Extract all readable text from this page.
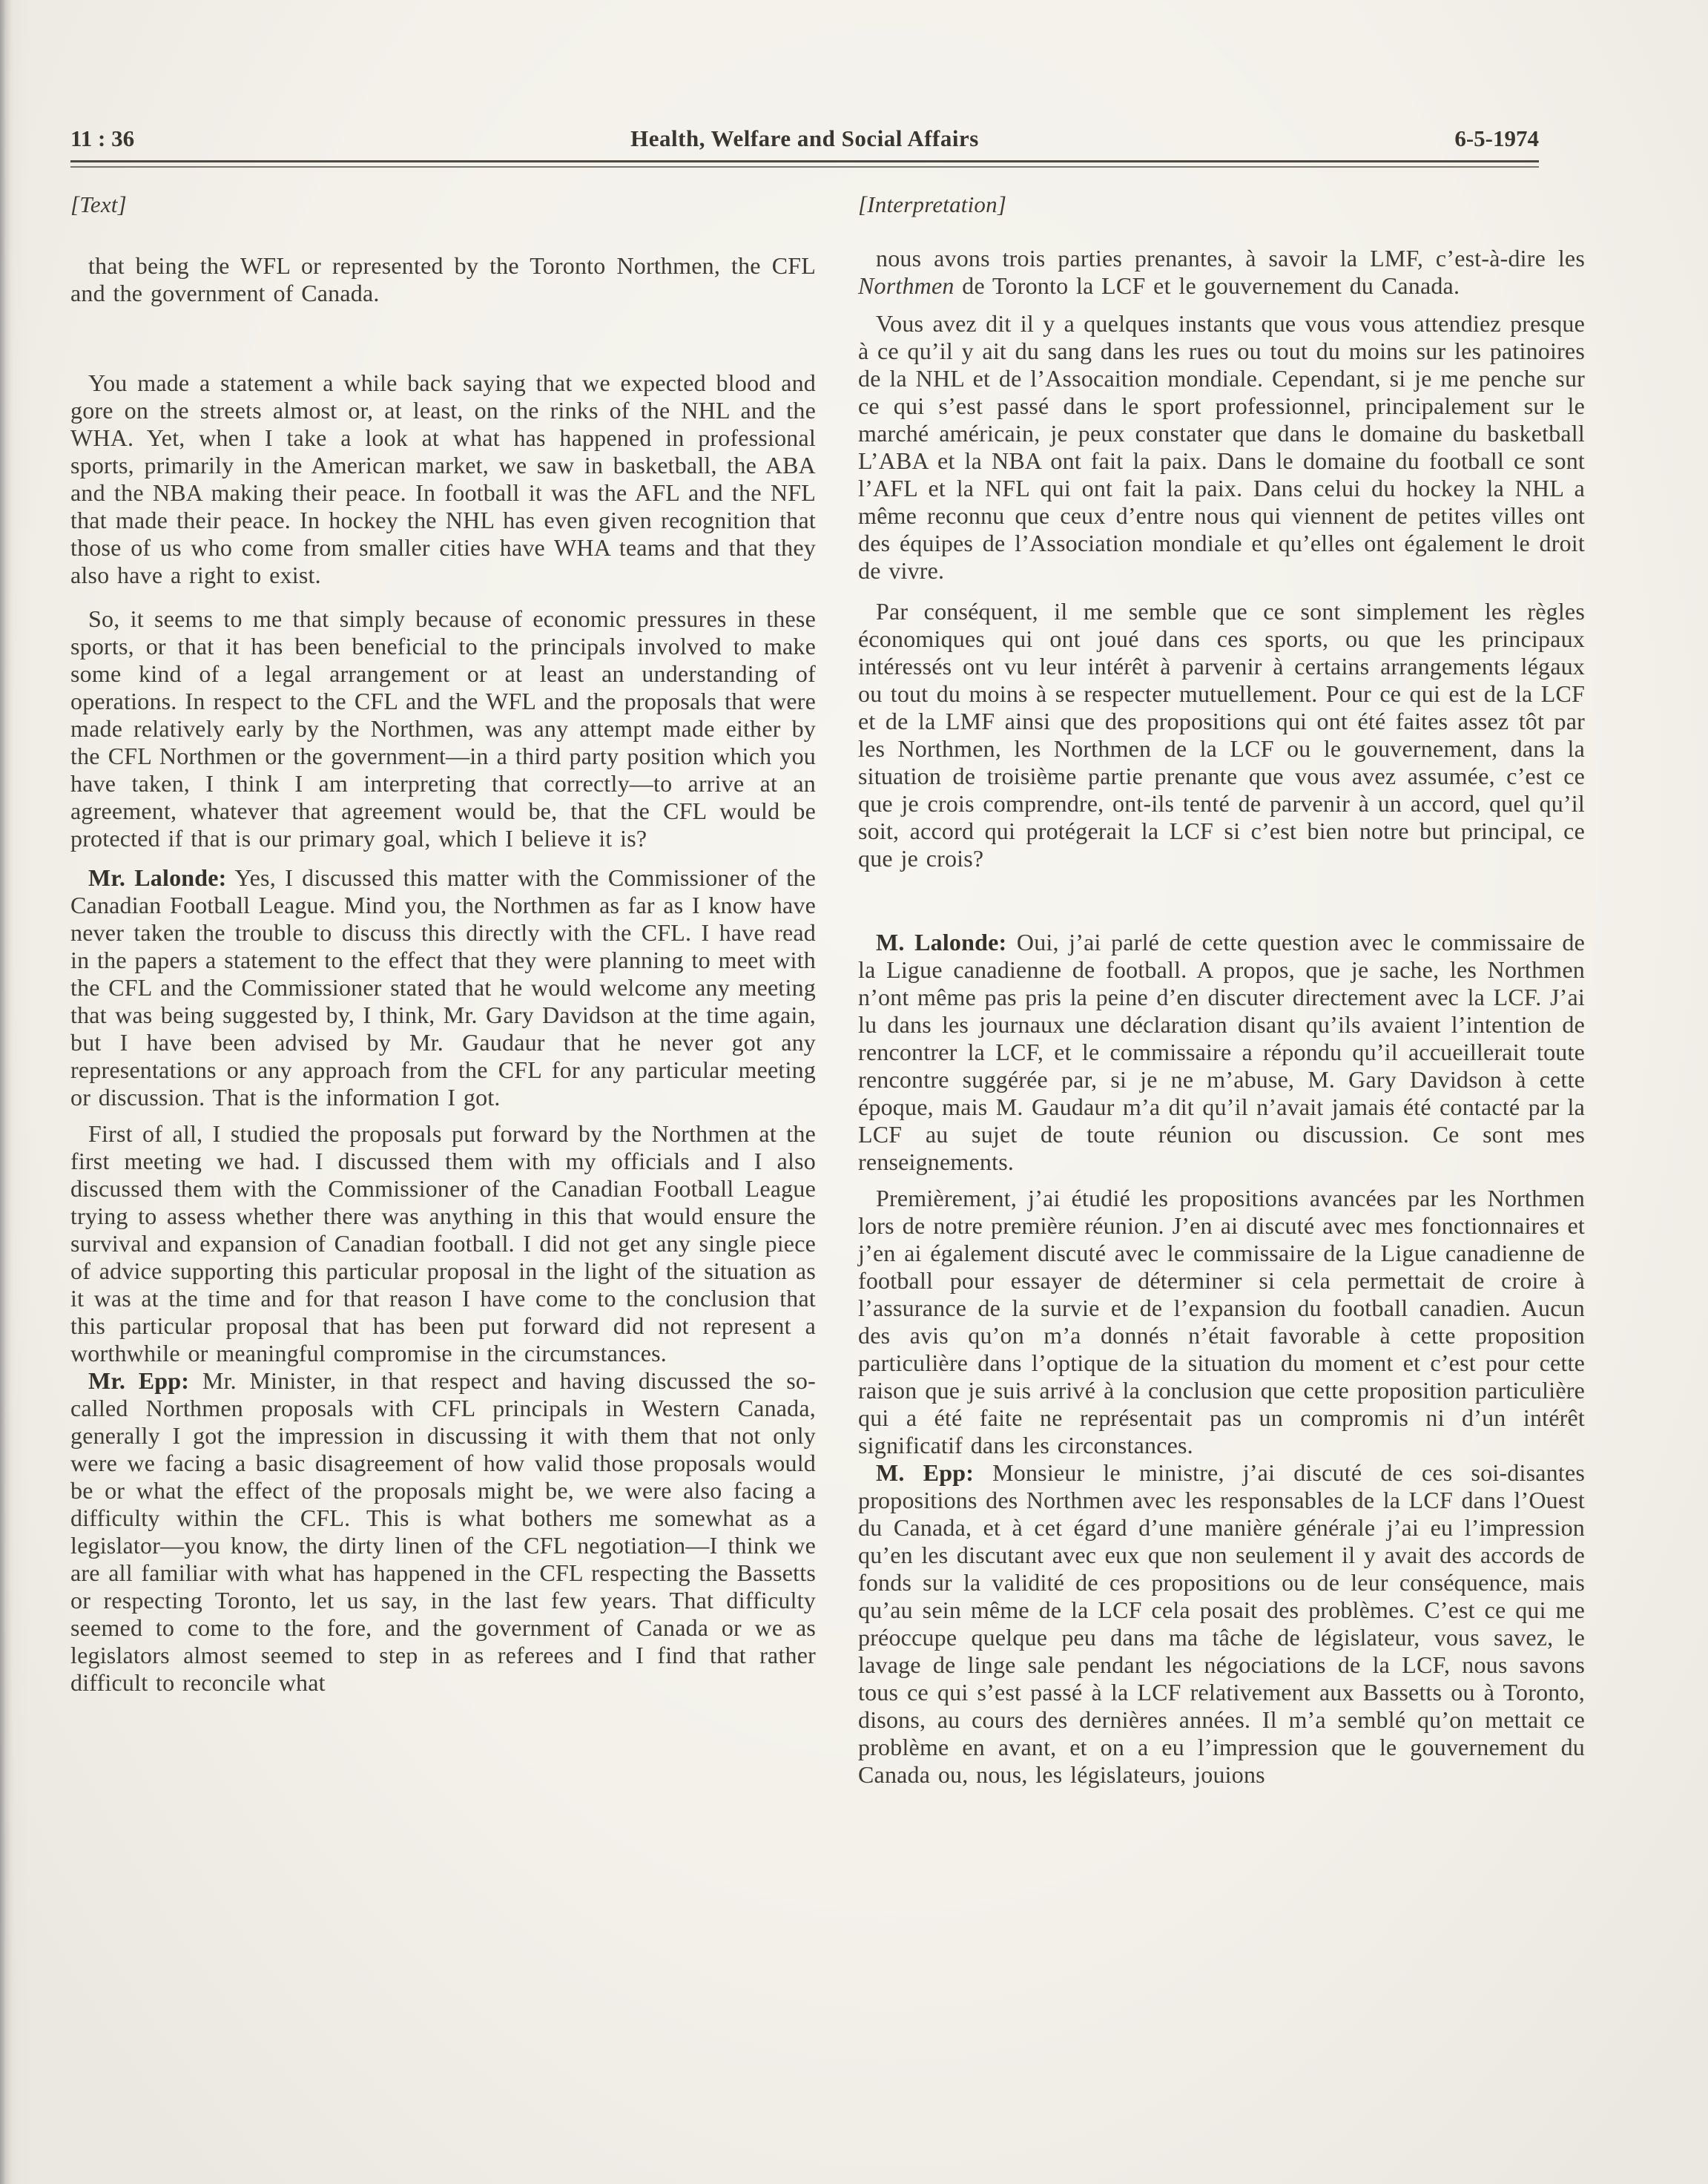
11 : 36	Health, Welfare and Social Affairs	6-5-1974

[Text]

that being the WFL or represented by the Toronto Northmen, the CFL and the government of Canada.

You made a statement a while back saying that we expected blood and gore on the streets almost or, at least, on the rinks of the NHL and the WHA. Yet, when I take a look at what has happened in professional sports, primarily in the American market, we saw in basketball, the ABA and the NBA making their peace. In football it was the AFL and the NFL that made their peace. In hockey the NHL has even given recognition that those of us who come from smaller cities have WHA teams and that they also have a right to exist.

So, it seems to me that simply because of economic pressures in these sports, or that it has been beneficial to the principals involved to make some kind of a legal arrangement or at least an understanding of operations. In respect to the CFL and the WFL and the proposals that were made relatively early by the Northmen, was any attempt made either by the CFL Northmen or the government—in a third party position which you have taken, I think I am interpreting that correctly—to arrive at an agreement, whatever that agreement would be, that the CFL would be protected if that is our primary goal, which I believe it is?

Mr. Lalonde: Yes, I discussed this matter with the Commissioner of the Canadian Football League. Mind you, the Northmen as far as I know have never taken the trouble to discuss this directly with the CFL. I have read in the papers a statement to the effect that they were planning to meet with the CFL and the Commissioner stated that he would welcome any meeting that was being suggested by, I think, Mr. Gary Davidson at the time again, but I have been advised by Mr. Gaudaur that he never got any representations or any approach from the CFL for any particular meeting or discussion. That is the information I got.

First of all, I studied the proposals put forward by the Northmen at the first meeting we had. I discussed them with my officials and I also discussed them with the Commissioner of the Canadian Football League trying to assess whether there was anything in this that would ensure the survival and expansion of Canadian football. I did not get any single piece of advice supporting this particular proposal in the light of the situation as it was at the time and for that reason I have come to the conclusion that this particular proposal that has been put forward did not represent a worthwhile or meaningful compromise in the circumstances.

Mr. Epp: Mr. Minister, in that respect and having discussed the so-called Northmen proposals with CFL principals in Western Canada, generally I got the impression in discussing it with them that not only were we facing a basic disagreement of how valid those proposals would be or what the effect of the proposals might be, we were also facing a difficulty within the CFL. This is what bothers me somewhat as a legislator—you know, the dirty linen of the CFL negotiation—I think we are all familiar with what has happened in the CFL respecting the Bassetts or respecting Toronto, let us say, in the last few years. That difficulty seemed to come to the fore, and the government of Canada or we as legislators almost seemed to step in as referees and I find that rather difficult to reconcile what

[Interpretation]

nous avons trois parties prenantes, à savoir la LMF, c’est-à-dire les Northmen de Toronto la LCF et le gouvernement du Canada.

Vous avez dit il y a quelques instants que vous vous attendiez presque à ce qu’il y ait du sang dans les rues ou tout du moins sur les patinoires de la NHL et de l’Assocaition mondiale. Cependant, si je me penche sur ce qui s’est passé dans le sport professionnel, principalement sur le marché américain, je peux constater que dans le domaine du basketball L’ABA et la NBA ont fait la paix. Dans le domaine du football ce sont l’AFL et la NFL qui ont fait la paix. Dans celui du hockey la NHL a même reconnu que ceux d’entre nous qui viennent de petites villes ont des équipes de l’Association mondiale et qu’elles ont également le droit de vivre.

Par conséquent, il me semble que ce sont simplement les règles économiques qui ont joué dans ces sports, ou que les principaux intéressés ont vu leur intérêt à parvenir à certains arrangements légaux ou tout du moins à se respecter mutuellement. Pour ce qui est de la LCF et de la LMF ainsi que des propositions qui ont été faites assez tôt par les Northmen, les Northmen de la LCF ou le gouvernement, dans la situation de troisième partie prenante que vous avez assumée, c’est ce que je crois comprendre, ont-ils tenté de parvenir à un accord, quel qu’il soit, accord qui protégerait la LCF si c’est bien notre but principal, ce que je crois?

M. Lalonde: Oui, j’ai parlé de cette question avec le commissaire de la Ligue canadienne de football. A propos, que je sache, les Northmen n’ont même pas pris la peine d’en discuter directement avec la LCF. J’ai lu dans les journaux une déclaration disant qu’ils avaient l’intention de rencontrer la LCF, et le commissaire a répondu qu’il accueillerait toute rencontre suggérée par, si je ne m’abuse, M. Gary Davidson à cette époque, mais M. Gaudaur m’a dit qu’il n’avait jamais été contacté par la LCF au sujet de toute réunion ou discussion. Ce sont mes renseignements.

Premièrement, j’ai étudié les propositions avancées par les Northmen lors de notre première réunion. J’en ai discuté avec mes fonctionnaires et j’en ai également discuté avec le commissaire de la Ligue canadienne de football pour essayer de déterminer si cela permettait de croire à l’assurance de la survie et de l’expansion du football canadien. Aucun des avis qu’on m’a donnés n’était favorable à cette proposition particulière dans l’optique de la situation du moment et c’est pour cette raison que je suis arrivé à la conclusion que cette proposition particulière qui a été faite ne représentait pas un compromis ni d’un intérêt significatif dans les circonstances.

M. Epp: Monsieur le ministre, j’ai discuté de ces soi-disantes propositions des Northmen avec les responsables de la LCF dans l’Ouest du Canada, et à cet égard d’une manière générale j’ai eu l’impression qu’en les discutant avec eux que non seulement il y avait des accords de fonds sur la validité de ces propositions ou de leur conséquence, mais qu’au sein même de la LCF cela posait des problèmes. C’est ce qui me préoccupe quelque peu dans ma tâche de législateur, vous savez, le lavage de linge sale pendant les négociations de la LCF, nous savons tous ce qui s’est passé à la LCF relativement aux Bassetts ou à Toronto, disons, au cours des dernières années. Il m’a semblé qu’on mettait ce problème en avant, et on a eu l’impression que le gouvernement du Canada ou, nous, les législateurs, jouions
